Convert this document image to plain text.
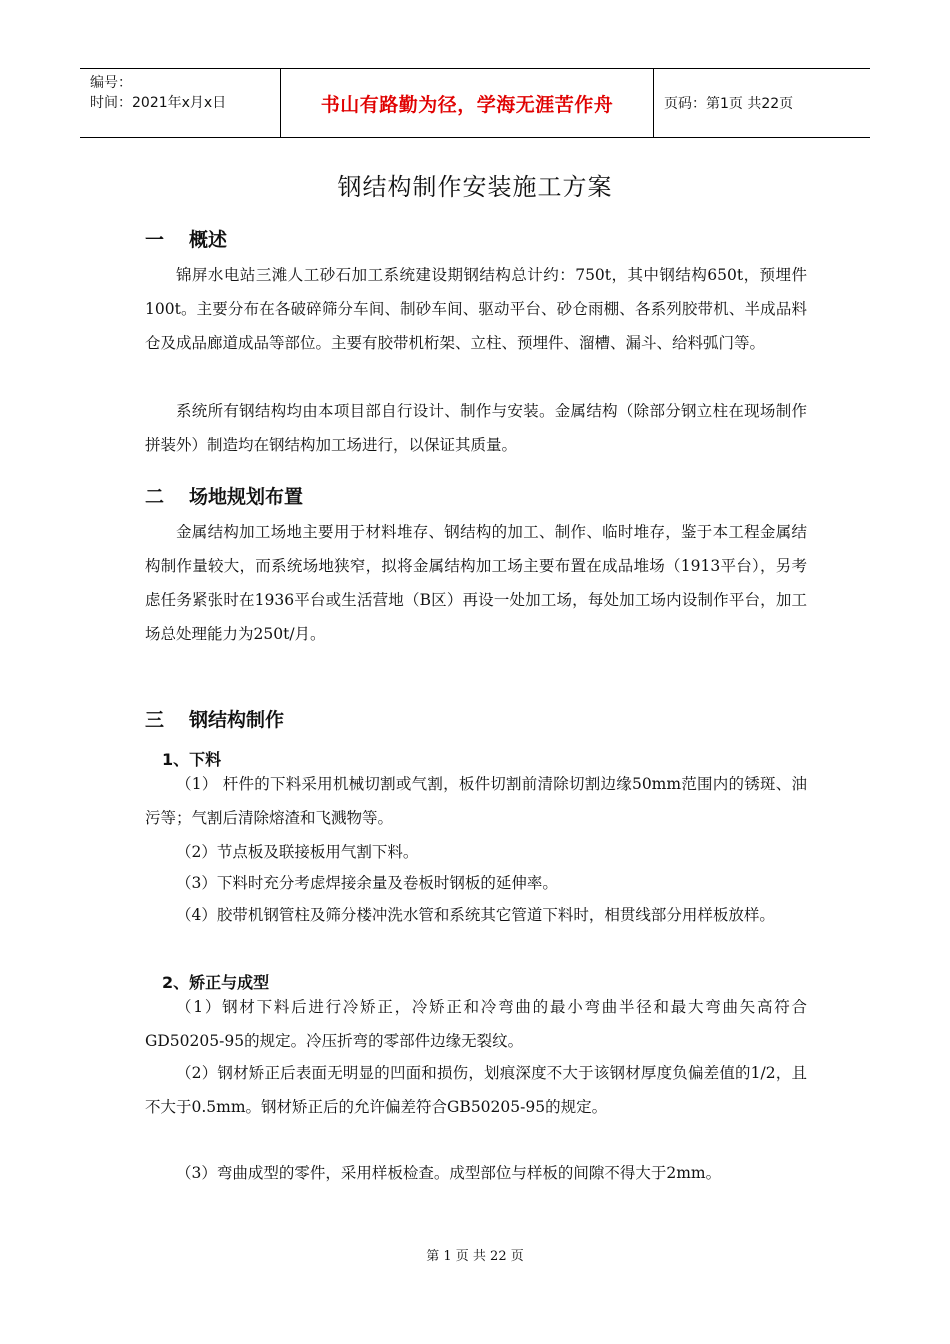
编号：
时间：2021年x月x日	书山有路勤为径，学海无涯苦作舟	页码：第1页 共22页
钢结构制作安装施工方案
一 概述

锦屏水电站三滩人工砂石加工系统建设期钢结构总计约：750t，其中钢结构650t，预埋件100t。主要分布在各破碎筛分车间、制砂车间、驱动平台、砂仓雨棚、各系列胶带机、半成品料仓及成品廊道成品等部位。主要有胶带机桁架、立柱、预埋件、溜槽、漏斗、给料弧门等。

系统所有钢结构均由本项目部自行设计、制作与安装。金属结构（除部分钢立柱在现场制作拼装外）制造均在钢结构加工场进行，以保证其质量。

二 场地规划布置

金属结构加工场地主要用于材料堆存、钢结构的加工、制作、临时堆存，鉴于本工程金属结构制作量较大，而系统场地狭窄，拟将金属结构加工场主要布置在成品堆场（1913平台），另考虑任务紧张时在1936平台或生活营地（B区）再设一处加工场，每处加工场内设制作平台，加工场总处理能力为250t/月。

三 钢结构制作
1、下料

（1） 杆件的下料采用机械切割或气割，板件切割前清除切割边缘50mm范围内的锈斑、油污等；气割后清除熔渣和飞溅物等。

（2）节点板及联接板用气割下料。

（3）下料时充分考虑焊接余量及卷板时钢板的延伸率。

（4）胶带机钢管柱及筛分楼冲洗水管和系统其它管道下料时，相贯线部分用样板放样。

2、矫正与成型

（1）钢材下料后进行冷矫正，冷矫正和冷弯曲的最小弯曲半径和最大弯曲矢高符合GD50205-95的规定。冷压折弯的零部件边缘无裂纹。

（2）钢材矫正后表面无明显的凹面和损伤，划痕深度不大于该钢材厚度负偏差值的1/2，且不大于0.5mm。钢材矫正后的允许偏差符合GB50205-95的规定。

（3）弯曲成型的零件，采用样板检查。成型部位与样板的间隙不得大于2mm。

第 1 页 共 22 页
